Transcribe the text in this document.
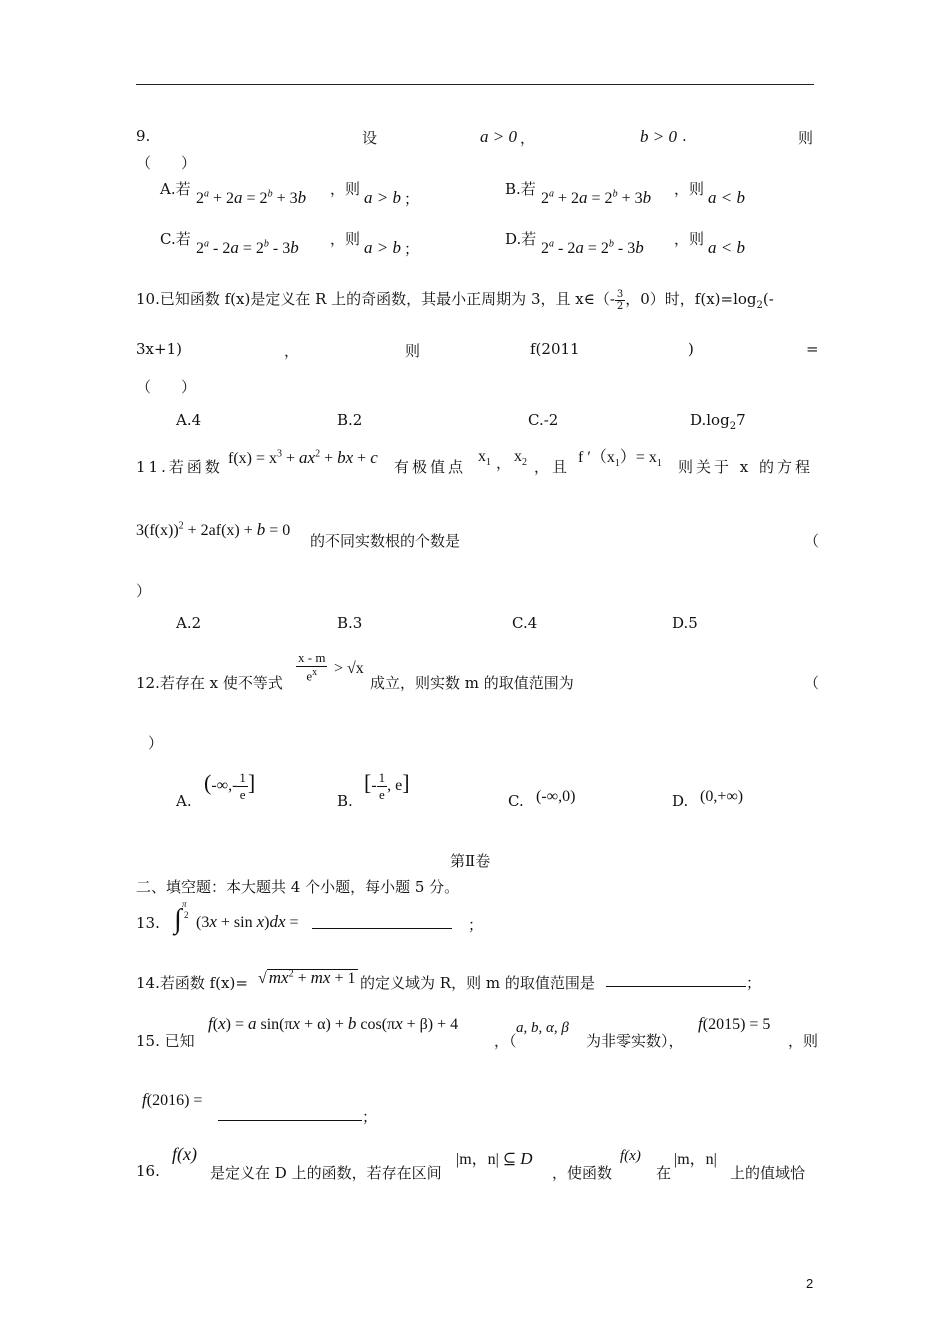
9.	设	a > 0 ，	b > 0 .	则
（　　）
A.若
$2^a + 2a = 2^b + 3b$ ，则 a > b ；
B.若
$2^a + 2a = 2^b + 3b$ ，则 a < b
C.若
$2^a - 2a = 2^b - 3b$ ，则 a > b ；
D.若
$2^a - 2a = 2^b - 3b$ ，则 a < b
10.已知函数 f(x)是定义在 R 上的奇函数，其最小正周期为 3，且 x∈（- $\frac{3}{2}$ ，0）时，$f(x)=\log_2(-$
3x+1)	，	则	f(2011	)	=
（　　）
A.4	B.2	C.-2	$D.\log_27$
11.若函数 $f(x) = x^3 + ax^2$ + bx + c 有极值点
$x_1$ ， $x_2$ ，且
f $'(x_1)= x_1$ 则关于 x 的方程
$3(f(x))^2 + 2af(x) + b = 0$
的不同实数根的个数是	（
）
A.2	B.3	C.4	D.5
12.若存在 x 使不等式 $\frac{x - m}{e^x} > √x$
成立，则实数 m 的取值范围为	（
）
A.
(-∞,- $\frac{1}{e}$ ]
B.
[- $\frac{1}{e}$ , e]
C. (-∞,0)	D. (0,+∞)
第Ⅱ卷
二、填空题：本大题共 4 个小题，每小题 5 分。
13. ∫ π
2 (3x + sin x)dx =	；
14.若函数 f(x)= √ $mx^2$ + mx + 1 的定义域为 R，则 m 的取值范围是	；
15. 已知
f(x) = a sin(πx + α) + b cos(πx + β) + 4
，（
a, b, α, β
为非零实数），
f(2015) = 5
，则
f(2016) =
；
16.
f(x)
是定义在 D 上的函数，若存在区间
|m，n| ⊆ D
，使函数
f(x)
在
|m，n|
上的值域恰
2
